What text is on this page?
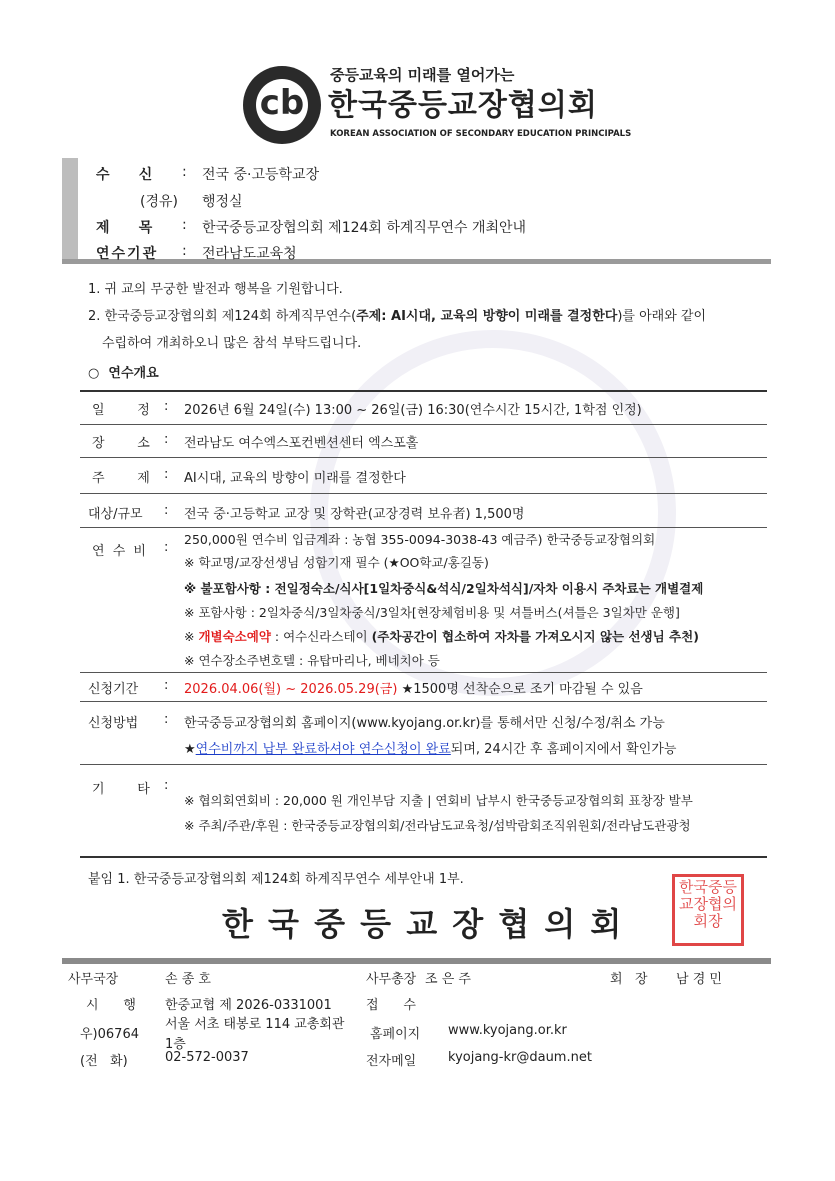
cb
중등교육의 미래를 열어가는
한국중등교장협의회
KOREAN ASSOCIATION OF SECONDARY EDUCATION PRINCIPALS
수      신 : 전국 중·고등학교장
(경유) 행정실
제      목 : 한국중등교장협의회 제124회 하계직무연수 개최안내
연수기관 : 전라남도교육청
1. 귀 교의 무궁한 발전과 행복을 기원합니다.
2. 한국중등교장협의회 제124회 하계직무연수(주제: AI시대, 교육의 방향이 미래를 결정한다)를 아래와 같이
수립하여 개최하오니 많은 참석 부탁드립니다.
○  연수개요
일     정 : 2026년 6월 24일(수) 13:00 ~ 26일(금) 16:30(연수시간 15시간, 1학점 인정)
장     소 : 전라남도 여수엑스포컨벤션센터 엑스포홀
주     제 : AI시대, 교육의 방향이 미래를 결정한다
대상/규모 : 전국 중·고등학교 교장 및 장학관(교장경력 보유者) 1,500명
연 수 비 :
250,000원 연수비 입금계좌 : 농협 355-0094-3038-43 예금주) 한국중등교장협의회
※ 학교명/교장선생님 성함기재 필수 (★OO학교/홍길동)
※ 불포함사항 : 전일정숙소/식사[1일차중식&석식/2일차석식]/자차 이용시 주차료는 개별결제
※ 포함사항 : 2일차중식/3일차중식/3일차[현장체험비용 및 셔틀버스(셔틀은 3일차만 운행]
※ 개별숙소예약 : 여수신라스테이 (주차공간이 협소하여 자차를 가져오시지 않는 선생님 추천)
※ 연수장소주변호텔 : 유탑마리나, 베네치아 등
신청기간 : 2026.04.06(월) ~ 2026.05.29(금) ★1500명 선착순으로 조기 마감될 수 있음
신청방법 : 한국중등교장협의회 홈페이지(www.kyojang.or.kr)를 통해서만 신청/수정/취소 가능
★연수비까지 납부 완료하셔야 연수신청이 완료되며, 24시간 후 홈페이지에서 확인가능
기     타 :
※ 협의회연회비 : 20,000 원 개인부담 지출 | 연회비 납부시 한국중등교장협의회 표창장 발부
※ 주최/주관/후원 : 한국중등교장협의회/전라남도교육청/섬박람회조직위원회/전라남도관광청
붙임 1. 한국중등교장협의회 제124회 하계직무연수 세부안내 1부.
한 국 중 등 교 장 협 의 회
한국중등교장협의회장
사무국장	손 종 호	사무총장 조 은 주	회   장 남 경 민
시      행 한중교협 제 2026-0331001	접      수
우)06764
서울 서초 태봉로 114 교총회관
1층
홈페이지 www.kyojang.or.kr
(전   화)	02-572-0037	전자메일 kyojang-kr@daum.net
